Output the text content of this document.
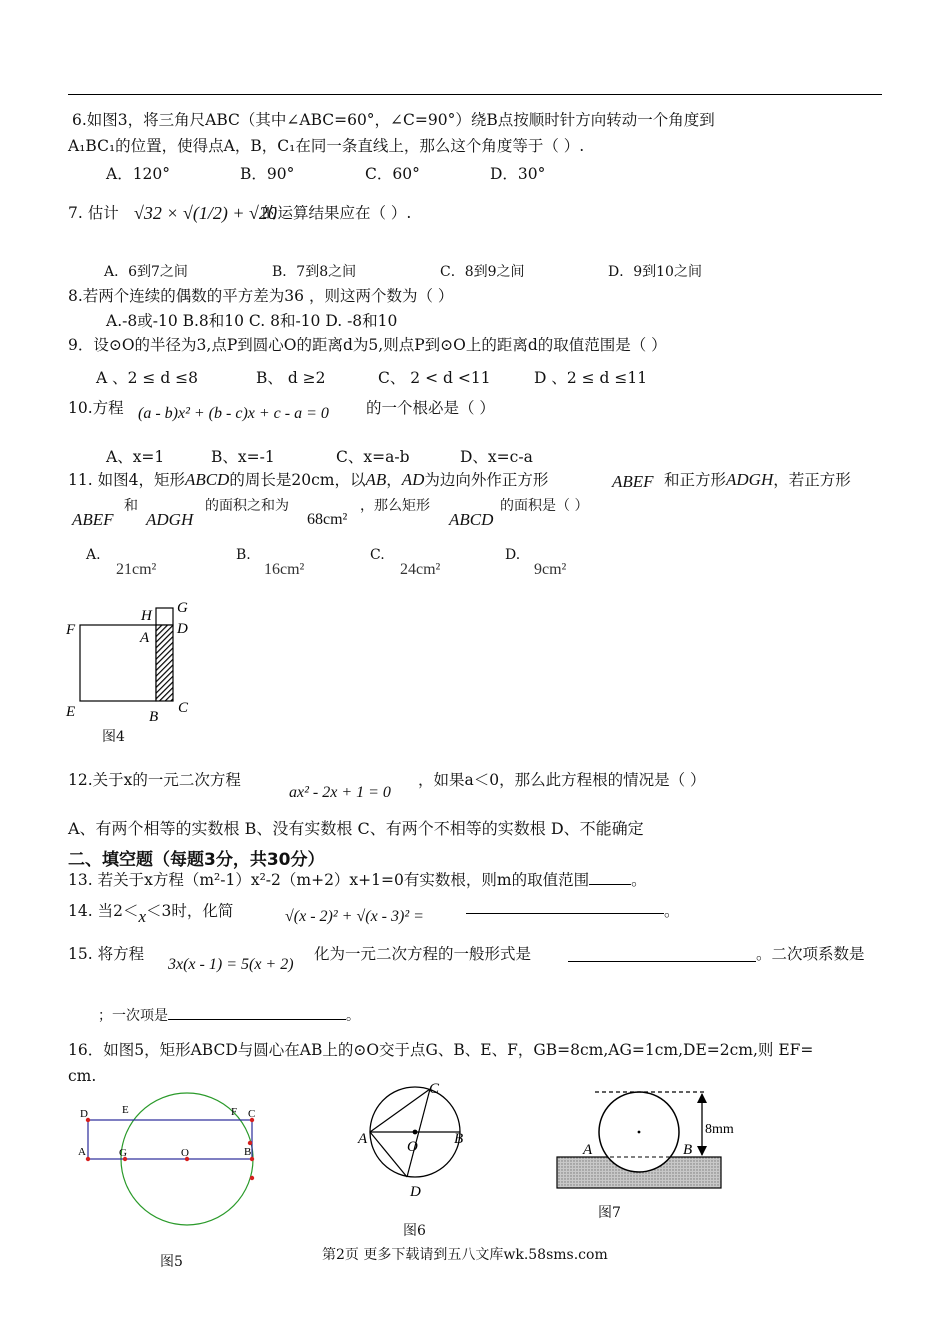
6.如图3，将三角尺ABC（其中∠ABC=60°，∠C=90°）绕B点按顺时针方向转动一个角度到
A₁BC₁的位置，使得点A，B，C₁在同一条直线上，那么这个角度等于（ ）.
A．120°	B．90°	C．60°	D．30°
7. 估计 √32 × √(1/2) + √20
的运算结果应在（ ）.
A．6到7之间	B．7到8之间	C．8到9之间	D．9到10之间
8.若两个连续的偶数的平方差为36 ，则这两个数为（ ）
A.-8或-10 B.8和10 C. 8和-10 D. -8和10
9．设⊙O的半径为3,点P到圆心O的距离d为5,则点P到⊙O上的距离d的取值范围是（ ）
A 、2 ≤ d ≤8	B、 d ≥2	C、 2 < d <11	D 、2 ≤ d ≤11
10.方程 (a - b)x² + (b - c)x + c - a = 0 的一个根必是（ ）
A、x=1	B、x=-1	C、x=a-b	D、x=c-a
11. 如图4，矩形ABCD的周长是20cm，以AB，AD为边向外作正方形	ABEF 和正方形ADGH，若正方形
ABEF
和
ADGH
的面积之和为
68cm²
，那么矩形
ABCD
的面积是（ ）
A.
21cm²
B.
16cm²
C.
24cm²
D.
9cm²
H G
F	A
D
E	B
C
图4
12.关于x的一元二次方程
ax² - 2x + 1 = 0
，如果a＜0，那么此方程根的情况是（ ）
A、有两个相等的实数根 B、没有实数根 C、有两个不相等的实数根 D、不能确定
二、填空题（每题3分，共30分）
13. 若关于x方程（m²-1）x²-2（m+2）x+1=0有实数根，则m的取值范围	。
14. 当2＜x＜3时，化简	√(x - 2)² + √(x - 3)² =	。
15. 将方程
3x(x - 1) = 5(x + 2)
化为一元二次方程的一般形式是	。二次项系数是
；一次项是	。
16．如图5，矩形ABCD与圆心在AB上的⊙O交于点G、B、E、F，GB=8cm,AG=1cm,DE=2cm,则 EF=
cm.
D	E	F C
A	G	O	B
图5
C
A	O B
D
图6
8mm
A	B
图7
第2页 更多下载请到五八文库wk.58sms.com
